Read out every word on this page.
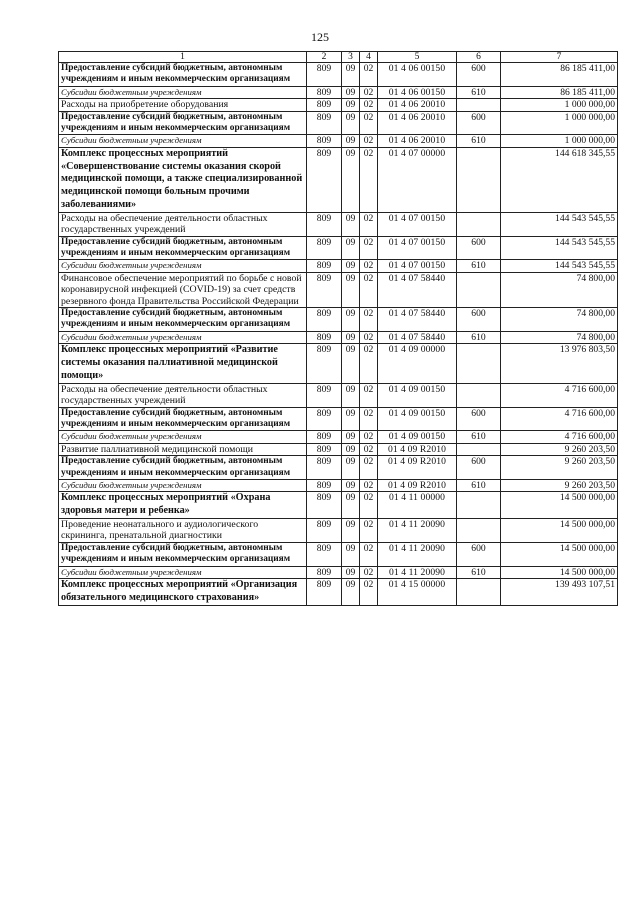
125
1	2	3	4	5	6	7
Предоставление субсидий бюджетным, автономным учреждениям и иным некоммерческим организациям	809	09	02	01 4 06 00150	600	86 185 411,00
Субсидии бюджетным учреждениям	809	09	02	01 4 06 00150	610	86 185 411,00
Расходы на приобретение оборудования	809	09	02	01 4 06 20010		1 000 000,00
Предоставление субсидий бюджетным, автономным учреждениям и иным некоммерческим организациям	809	09	02	01 4 06 20010	600	1 000 000,00
Субсидии бюджетным учреждениям	809	09	02	01 4 06 20010	610	1 000 000,00
Комплекс процессных мероприятий «Совершенствование системы оказания скорой медицинской помощи, а также специализированной медицинской помощи больным прочими заболеваниями»	809	09	02	01 4 07 00000		144 618 345,55
Расходы на обеспечение деятельности областных государственных учреждений	809	09	02	01 4 07 00150		144 543 545,55
Предоставление субсидий бюджетным, автономным учреждениям и иным некоммерческим организациям	809	09	02	01 4 07 00150	600	144 543 545,55
Субсидии бюджетным учреждениям	809	09	02	01 4 07 00150	610	144 543 545,55
Финансовое обеспечение мероприятий по борьбе с новой коронавирусной инфекцией (COVID-19) за счет средств резервного фонда Правительства Российской Федерации	809	09	02	01 4 07 58440		74 800,00
Предоставление субсидий бюджетным, автономным учреждениям и иным некоммерческим организациям	809	09	02	01 4 07 58440	600	74 800,00
Субсидии бюджетным учреждениям	809	09	02	01 4 07 58440	610	74 800,00
Комплекс процессных мероприятий «Развитие системы оказания паллиативной медицинской помощи»	809	09	02	01 4 09 00000		13 976 803,50
Расходы на обеспечение деятельности областных государственных учреждений	809	09	02	01 4 09 00150		4 716 600,00
Предоставление субсидий бюджетным, автономным учреждениям и иным некоммерческим организациям	809	09	02	01 4 09 00150	600	4 716 600,00
Субсидии бюджетным учреждениям	809	09	02	01 4 09 00150	610	4 716 600,00
Развитие паллиативной медицинской помощи	809	09	02	01 4 09 R2010		9 260 203,50
Предоставление субсидий бюджетным, автономным учреждениям и иным некоммерческим организациям	809	09	02	01 4 09 R2010	600	9 260 203,50
Субсидии бюджетным учреждениям	809	09	02	01 4 09 R2010	610	9 260 203,50
Комплекс процессных мероприятий «Охрана здоровья матери и ребенка»	809	09	02	01 4 11 00000		14 500 000,00
Проведение неонатального и аудиологического скрининга, пренатальной диагностики	809	09	02	01 4 11 20090		14 500 000,00
Предоставление субсидий бюджетным, автономным учреждениям и иным некоммерческим организациям	809	09	02	01 4 11 20090	600	14 500 000,00
Субсидии бюджетным учреждениям	809	09	02	01 4 11 20090	610	14 500 000,00
Комплекс процессных мероприятий «Организация обязательного медицинского страхования»	809	09	02	01 4 15 00000		139 493 107,51
